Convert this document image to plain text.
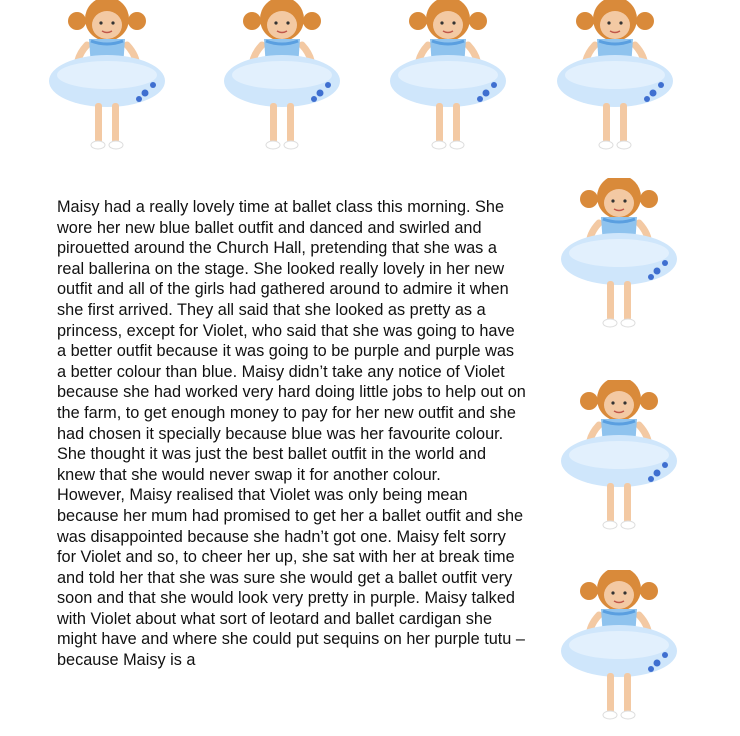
Maisy had a really lovely time at ballet class this morning. She wore her new blue ballet outfit and danced and swirled and pirouetted around the Church Hall, pretending that she was a real ballerina on the stage. She looked really lovely in her new outfit and all of the girls had gathered around to admire it when she first arrived. They all said that she looked as pretty as a princess, except for Violet, who said that she was going to have a better outfit because it was going to be purple and purple was a better colour than blue. Maisy didn’t take any notice of Violet because she had worked very hard doing little jobs to help out on the farm, to get enough money to pay for her new outfit and she had chosen it specially because blue was her favourite colour. She thought it was just the best ballet outfit in the world and knew that she would never swap it for another colour.

However, Maisy realised that Violet was only being mean because her mum had promised to get her a ballet outfit and she was disappointed because she hadn’t got one. Maisy felt sorry for Violet and so, to cheer her up, she sat with her at break time and told her that she was sure she would get a ballet outfit very soon and that she would look very pretty in purple. Maisy talked with Violet about what sort of leotard and ballet cardigan she might have and where she could put sequins on her purple tutu – because Maisy is a
